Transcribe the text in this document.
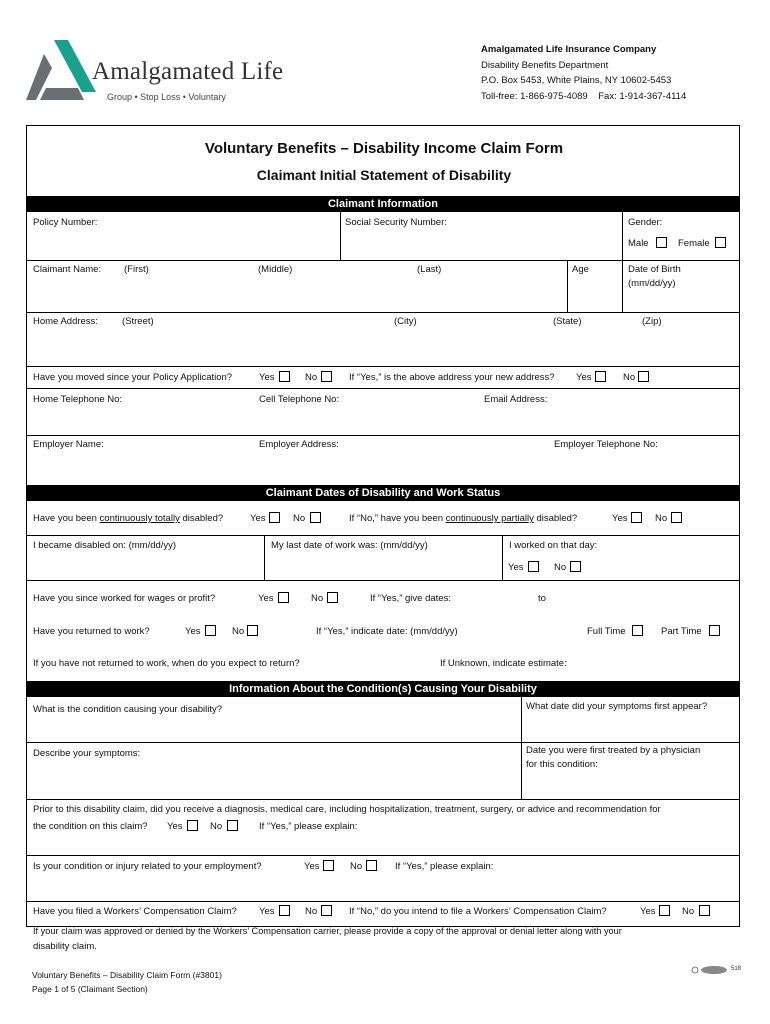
Amalgamated Life
Group • Stop Loss • Voluntary
Amalgamated Life Insurance Company
Disability Benefits Department
P.O. Box 5453, White Plains, NY 10602-5453
Toll-free: 1-866-975-4089    Fax: 1-914-367-4114
Voluntary Benefits – Disability Income Claim Form
Claimant Initial Statement of Disability
Claimant Information
Policy Number:	Social Security Number:	Gender:
Male	Female
Claimant Name: (First)	(Middle)	(Last)	Age	Date of Birth
(mm/dd/yy)
Home Address:	(Street)	(City)	(State)	(Zip)
Have you moved since your Policy Application?	Yes	No	If “Yes,” is the above address your new address? Yes	No
Home Telephone No:	Cell Telephone No:	Email Address:
Employer Name:	Employer Address:	Employer Telephone No:
Claimant Dates of Disability and Work Status
Have you been continuously totally disabled?	Yes	No	If “No,” have you been continuously partially disabled?	Yes	No
I became disabled on: (mm/dd/yy)	My last date of work was: (mm/dd/yy)	I worked on that day:
Yes	No
Have you since worked for wages or profit?	Yes	No	If “Yes,” give dates:	to
Have you returned to work?	Yes	No	If “Yes,” indicate date: (mm/dd/yy)	Full Time	Part Time
If you have not returned to work, when do you expect to return?	If Unknown, indicate estimate:
Information About the Condition(s) Causing Your Disability
What is the condition causing your disability?	What date did your symptoms first appear?
Describe your symptoms:	Date you were first treated by a physician
for this condition:
Prior to this disability claim, did you receive a diagnosis, medical care, including hospitalization, treatment, surgery, or advice and recommendation for
the condition on this claim? Yes	No	If “Yes,” please explain:
Is your condition or injury related to your employment?	Yes	No	If “Yes,” please explain:
Have you filed a Workers’ Compensation Claim? Yes	No	If “No,” do you intend to file a Workers’ Compensation Claim?	Yes	No
If your claim was approved or denied by the Workers’ Compensation carrier, please provide a copy of the approval or denial letter along with your
disability claim.
Voluntary Benefits – Disability Claim Form (#3801)
Page 1 of 5 (Claimant Section)
518
